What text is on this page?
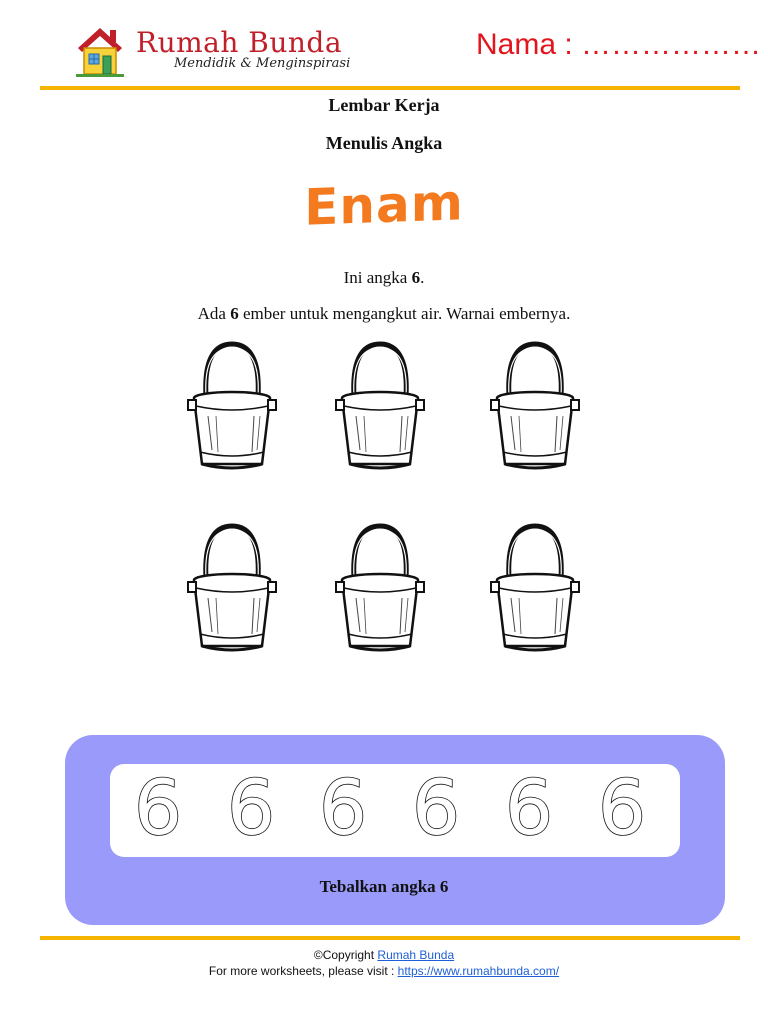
Rumah Bunda
Mendidik & Menginspirasi
Nama : ………………
Lembar Kerja
Menulis Angka
Enam
Ini angka 6.
Ada 6 ember untuk mengangkut air. Warnai embernya.
6 6 6 6 6 6
Tebalkan angka 6
©Copyright Rumah Bunda
For more worksheets, please visit : https://www.rumahbunda.com/
